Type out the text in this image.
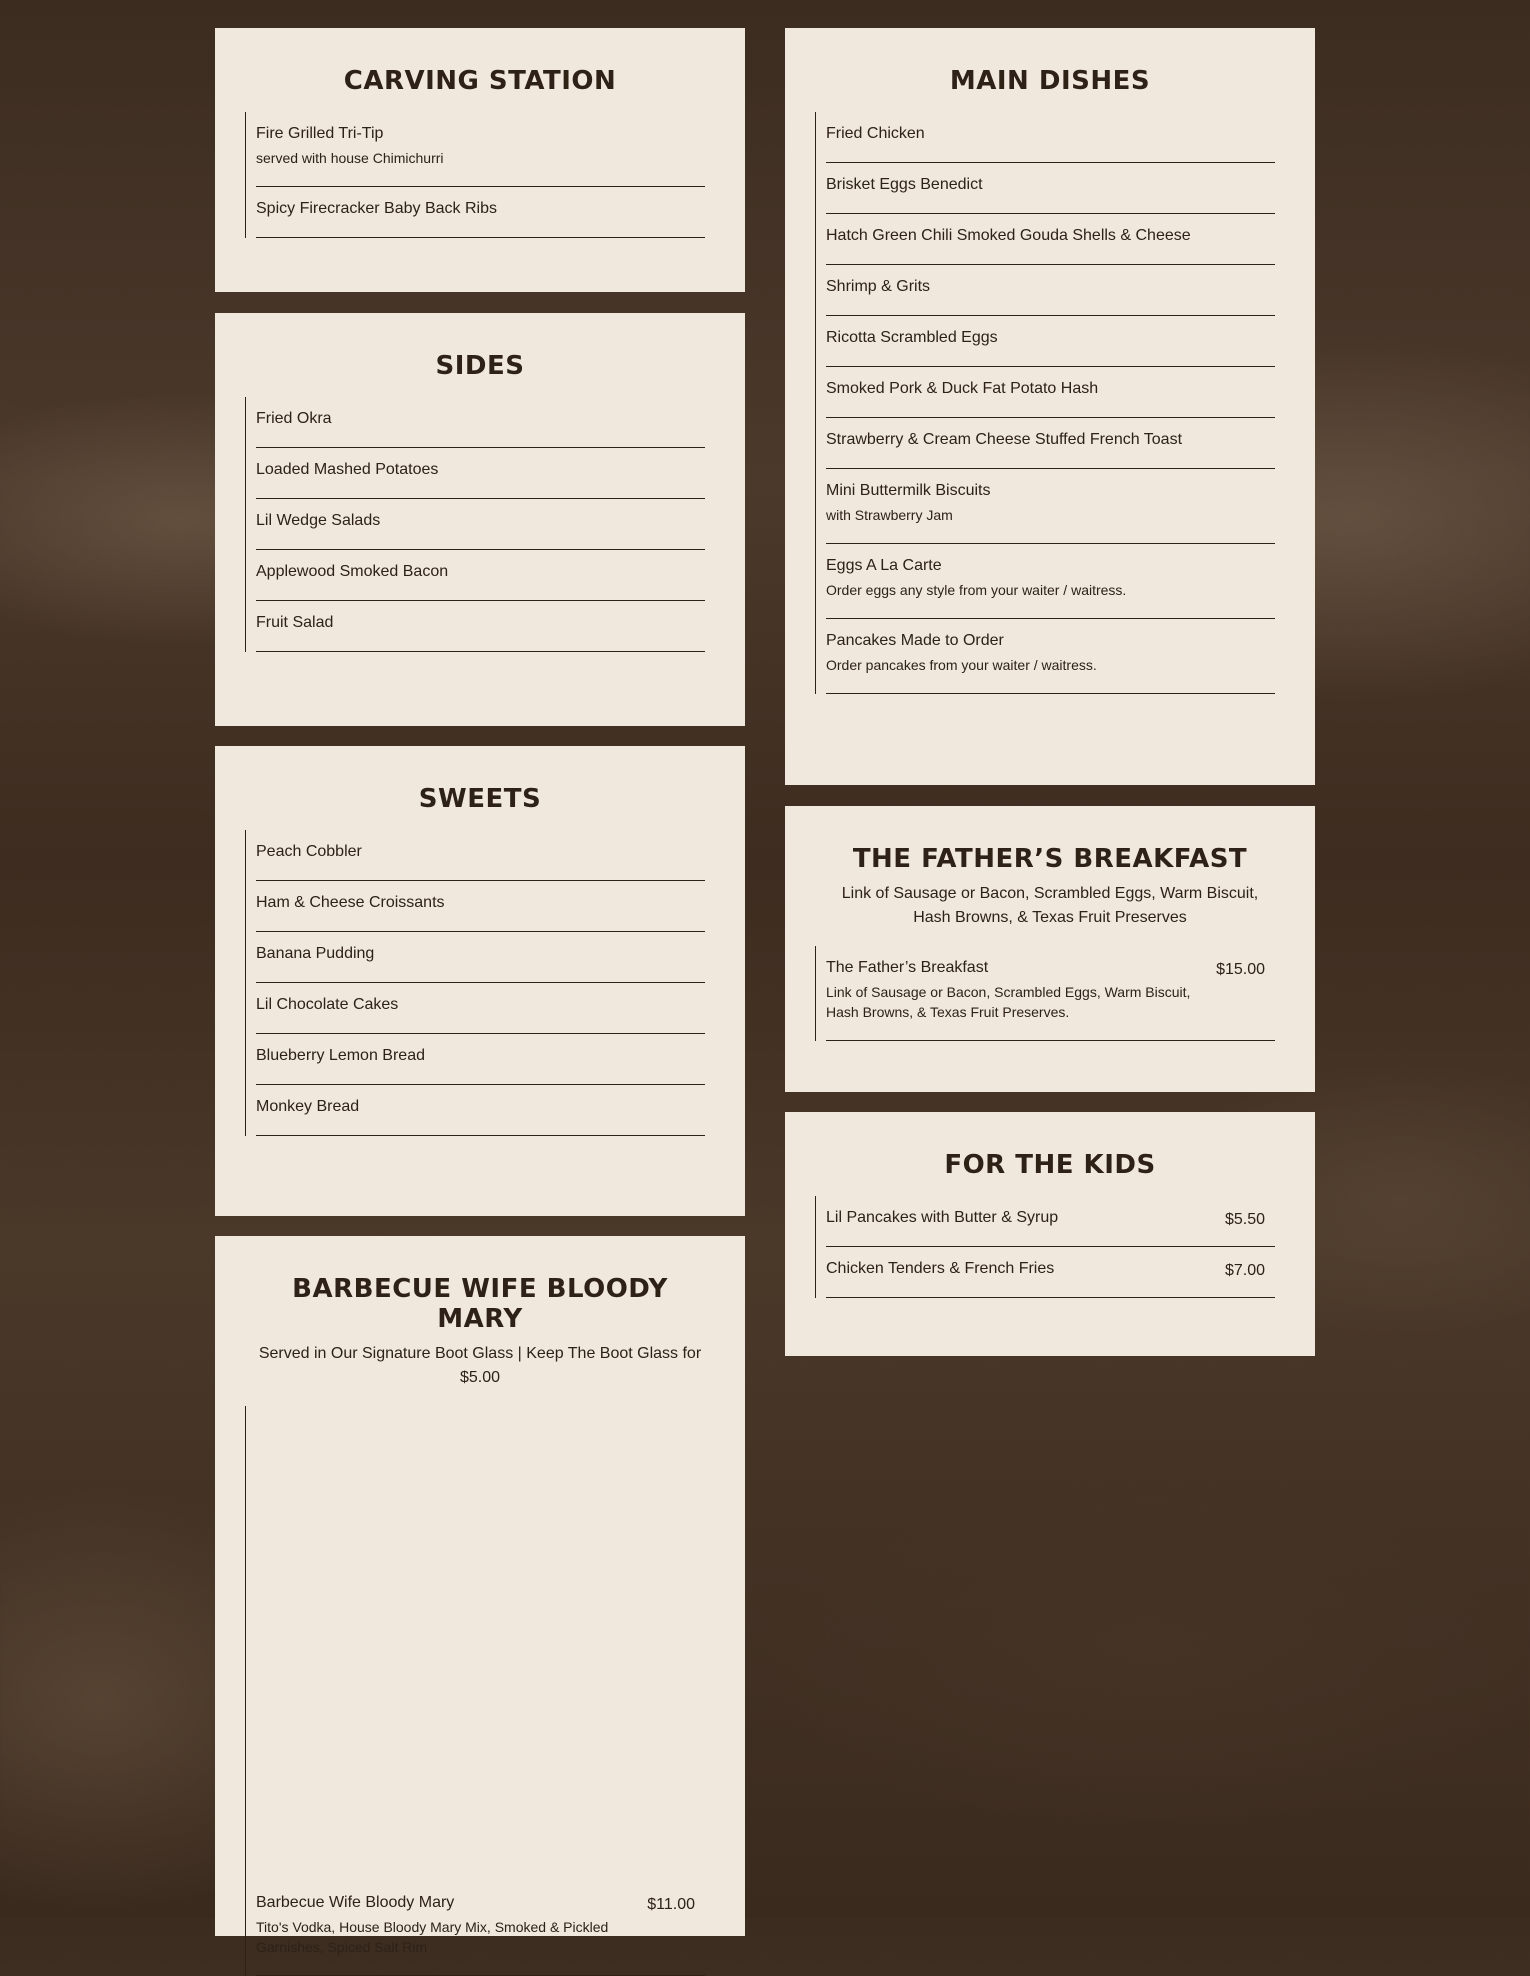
CARVING STATION
Fire Grilled Tri-Tip
served with house Chimichurri
Spicy Firecracker Baby Back Ribs
SIDES
Fried Okra
Loaded Mashed Potatoes
Lil Wedge Salads
Applewood Smoked Bacon
Fruit Salad
SWEETS
Peach Cobbler
Ham & Cheese Croissants
Banana Pudding
Lil Chocolate Cakes
Blueberry Lemon Bread
Monkey Bread
BARBECUE WIFE BLOODY MARY
Served in Our Signature Boot Glass | Keep The Boot Glass for $5.00
Barbecue Wife Bloody Mary
Tito's Vodka, House Bloody Mary Mix, Smoked & Pickled Garnishes, Spiced Salt Rim
$11.00
MAIN DISHES
Fried Chicken
Brisket Eggs Benedict
Hatch Green Chili Smoked Gouda Shells & Cheese
Shrimp & Grits
Ricotta Scrambled Eggs
Smoked Pork & Duck Fat Potato Hash
Strawberry & Cream Cheese Stuffed French Toast
Mini Buttermilk Biscuits
with Strawberry Jam
Eggs A La Carte
Order eggs any style from your waiter / waitress.
Pancakes Made to Order
Order pancakes from your waiter / waitress.
THE FATHER’S BREAKFAST
Link of Sausage or Bacon, Scrambled Eggs, Warm Biscuit, Hash Browns, & Texas Fruit Preserves
The Father’s Breakfast
Link of Sausage or Bacon, Scrambled Eggs, Warm Biscuit, Hash Browns, & Texas Fruit Preserves.
$15.00
FOR THE KIDS
Lil Pancakes with Butter & Syrup	$5.50
Chicken Tenders & French Fries	$7.00
